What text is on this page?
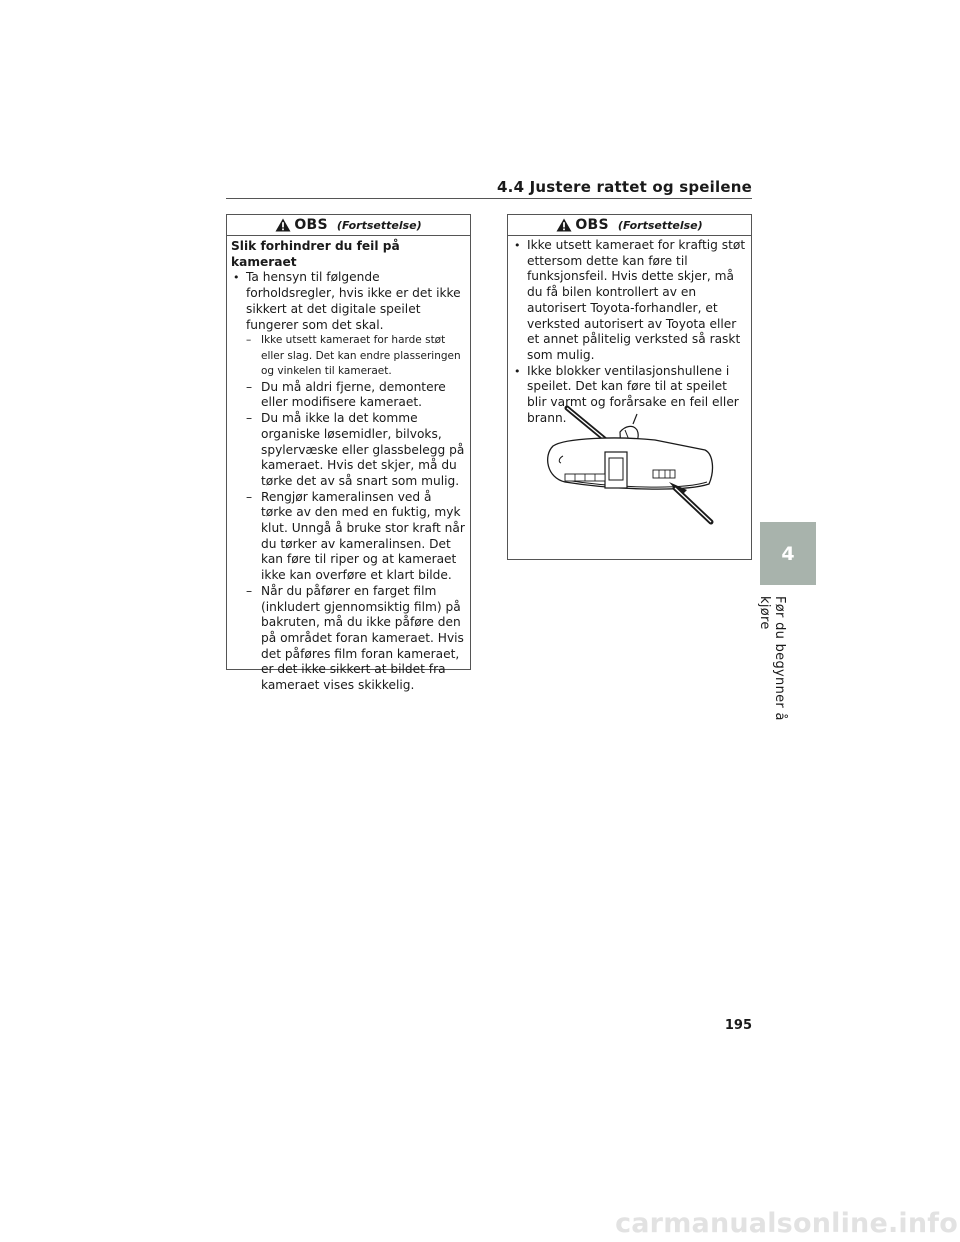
4.4 Justere rattet og speilene
OBS (Fortsettelse)

Slik forhindrer du feil på kameraet

• Ta hensyn til følgende forholdsregler, hvis ikke er det ikke sikkert at det digitale speilet fungerer som det skal.

– Ikke utsett kameraet for harde støt eller slag. Det kan endre plasseringen og vinkelen til kameraet.
– Du må aldri fjerne, demontere eller modifisere kameraet.
– Du må ikke la det komme organiske løsemidler, bilvoks, spylervæske eller glassbelegg på kameraet. Hvis det skjer, må du tørke det av så snart som mulig.
– Rengjør kameralinsen ved å tørke av den med en fuktig, myk klut. Unngå å bruke stor kraft når du tørker av kameralinsen. Det kan føre til riper og at kameraet ikke kan overføre et klart bilde.
– Når du påfører en farget film (inkludert gjennomsiktig film) på bakruten, må du ikke påføre den på området foran kameraet. Hvis det påføres film foran kameraet, er det ikke sikkert at bildet fra kameraet vises skikkelig.
OBS (Fortsettelse)

• Ikke utsett kameraet for kraftig støt ettersom dette kan føre til funksjonsfeil. Hvis dette skjer, må du få bilen kontrollert av en autorisert Toyota-forhandler, et verksted autorisert av Toyota eller et annet pålitelig verksted så raskt som mulig.

• Ikke blokker ventilasjonshullene i speilet. Det kan føre til at speilet blir varmt og forårsake en feil eller brann.

4
Før du begynner å kjøre
195
carmanualsonline.info
